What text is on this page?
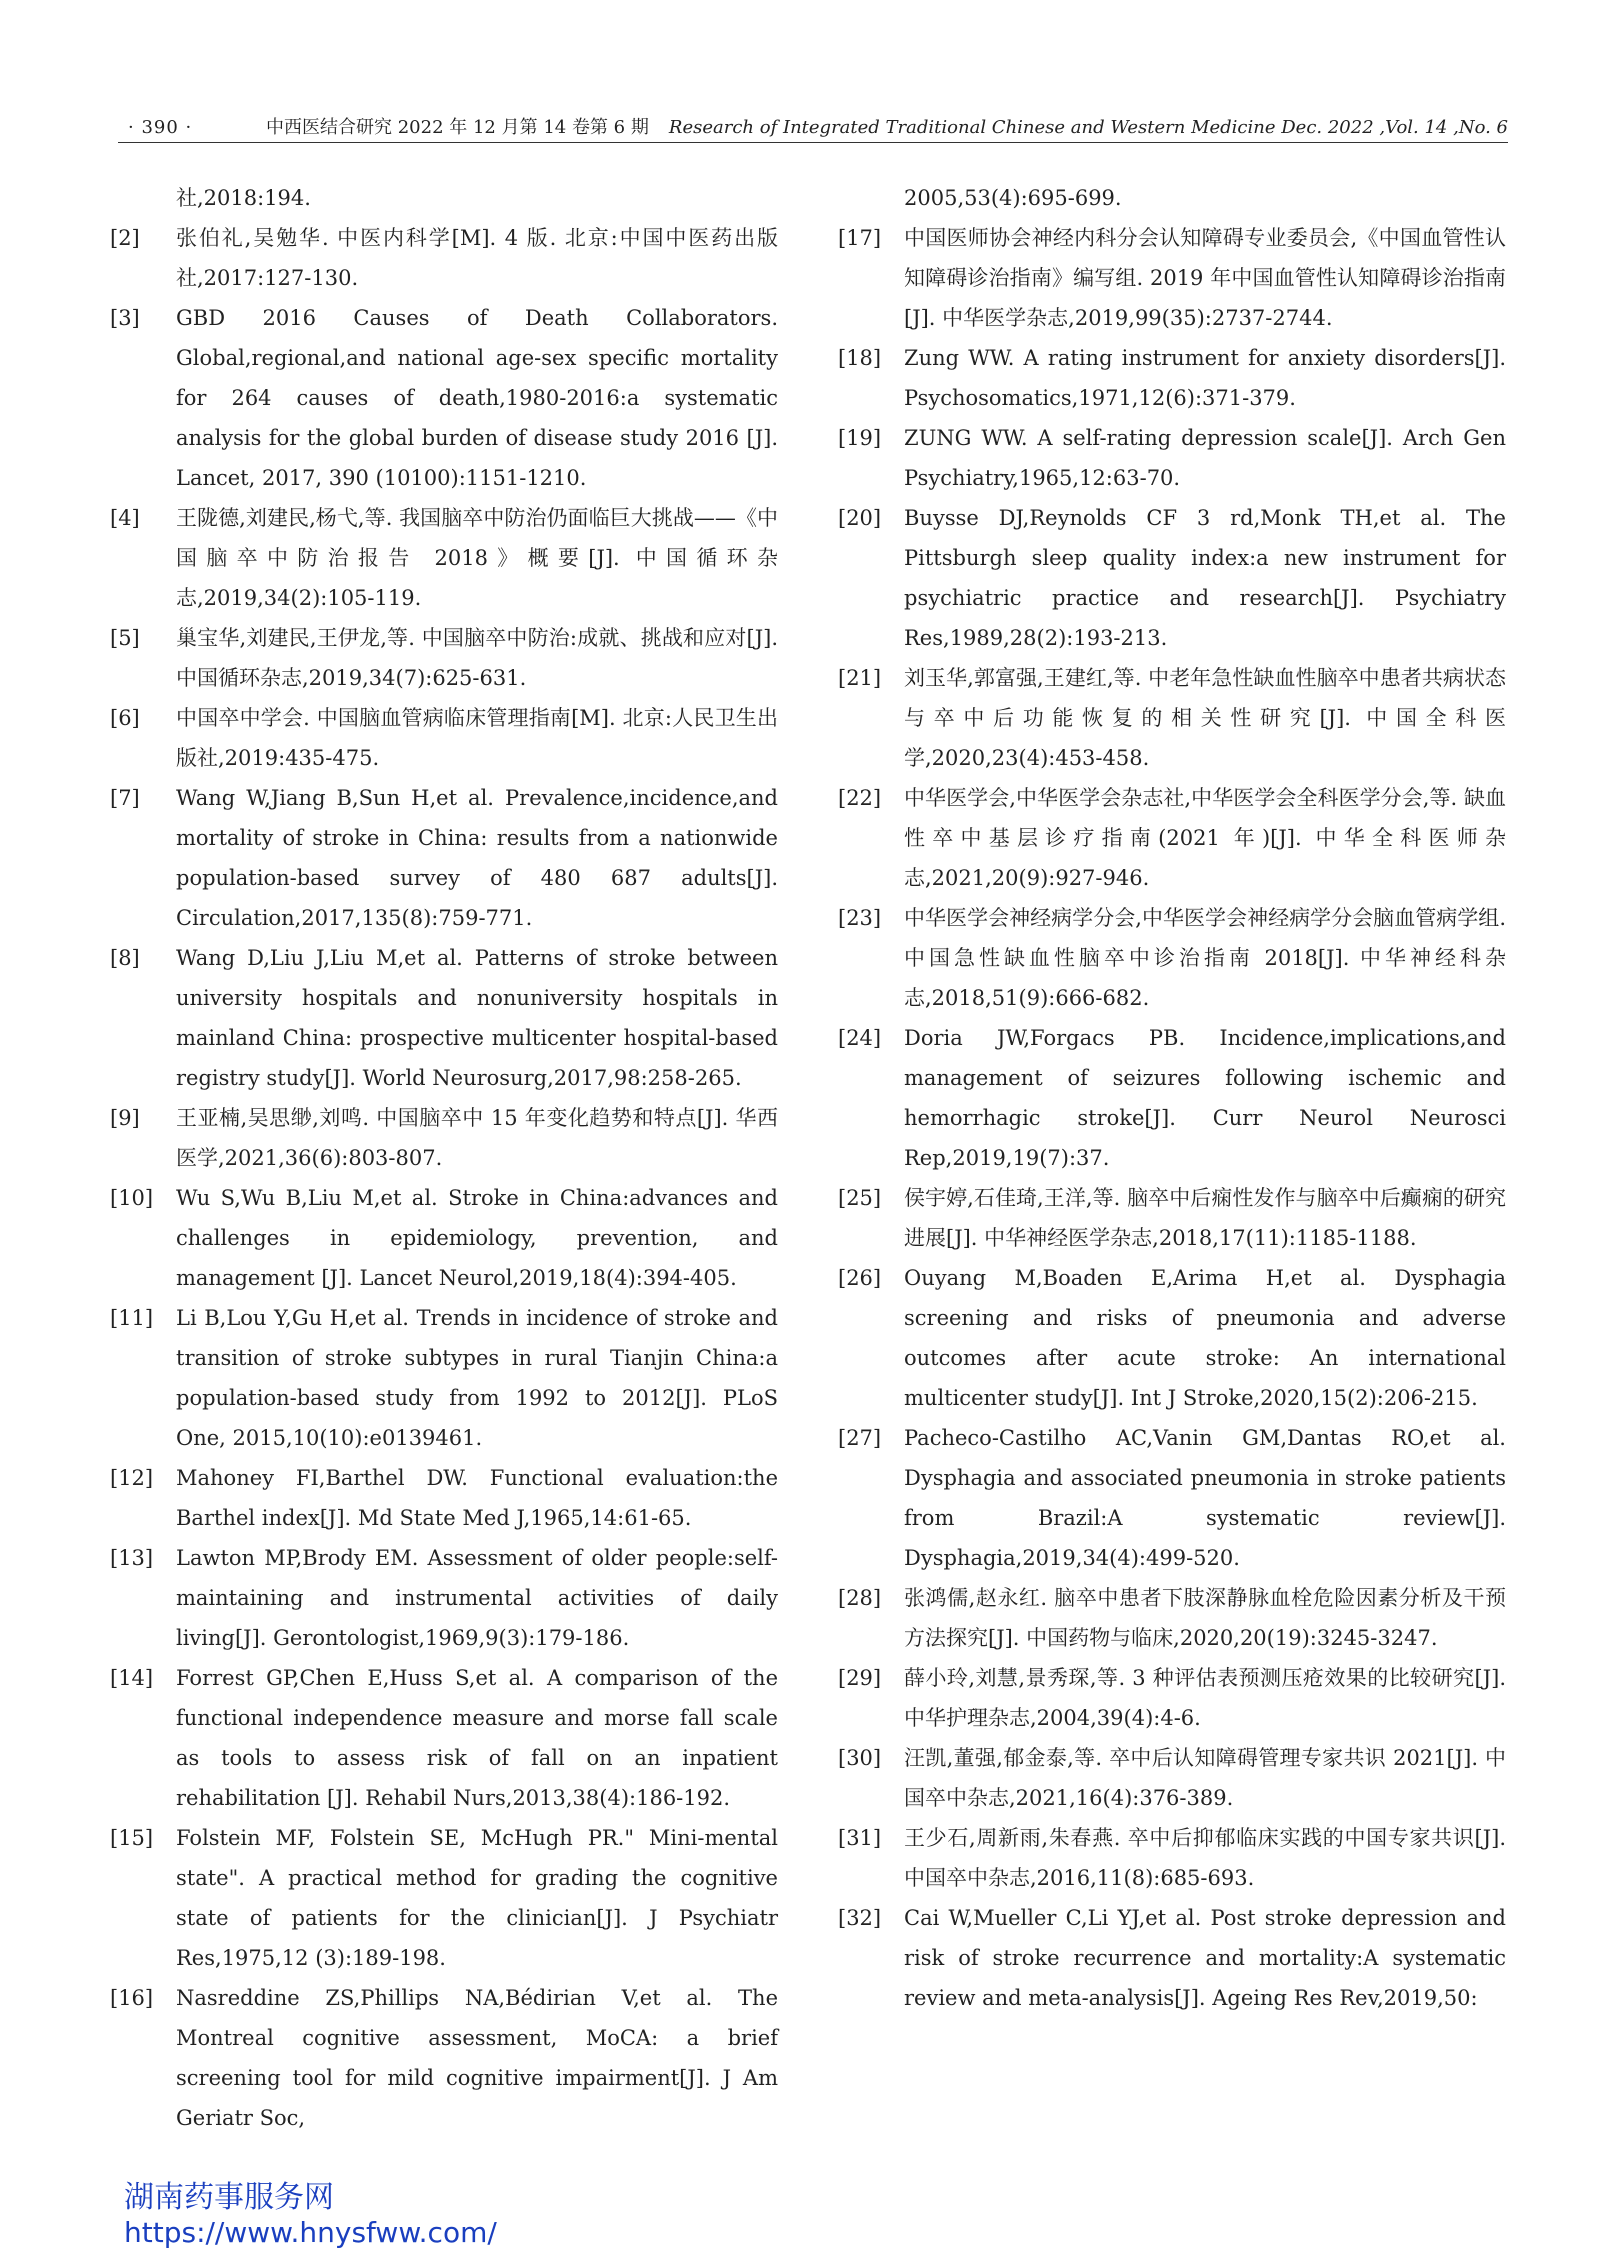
· 390 ·	中西医结合研究 2022 年 12 月第 14 卷第 6 期 Research of Integrated Traditional Chinese and Western Medicine Dec. 2022 ,Vol. 14 ,No. 6
社,2018:194.
[2]	张伯礼,吴勉华. 中医内科学[M]. 4 版. 北京:中国中医药出版社,2017:127-130.
[3]	GBD 2016 Causes of Death Collaborators. Global,regional,and national age-sex specific mortality for 264 causes of death,1980-2016:a systematic analysis for the global burden of disease study 2016 [J]. Lancet, 2017, 390 (10100):1151-1210.
[4]	王陇德,刘建民,杨弋,等. 我国脑卒中防治仍面临巨大挑战——《中国脑卒中防治报告 2018》概要[J]. 中国循环杂志,2019,34(2):105-119.
[5]	巢宝华,刘建民,王伊龙,等. 中国脑卒中防治:成就、挑战和应对[J]. 中国循环杂志,2019,34(7):625-631.
[6]	中国卒中学会. 中国脑血管病临床管理指南[M]. 北京:人民卫生出版社,2019:435-475.
[7]	Wang W,Jiang B,Sun H,et al. Prevalence,incidence,and mortality of stroke in China: results from a nationwide population-based survey of 480 687 adults[J]. Circulation,2017,135(8):759-771.
[8]	Wang D,Liu J,Liu M,et al. Patterns of stroke between university hospitals and nonuniversity hospitals in mainland China: prospective multicenter hospital-based registry study[J]. World Neurosurg,2017,98:258-265.
[9]	王亚楠,吴思缈,刘鸣. 中国脑卒中 15 年变化趋势和特点[J]. 华西医学,2021,36(6):803-807.
[10]	Wu S,Wu B,Liu M,et al. Stroke in China:advances and challenges in epidemiology, prevention, and management [J]. Lancet Neurol,2019,18(4):394-405.
[11]	Li B,Lou Y,Gu H,et al. Trends in incidence of stroke and transition of stroke subtypes in rural Tianjin China:a population-based study from 1992 to 2012[J]. PLoS One, 2015,10(10):e0139461.
[12]	Mahoney FI,Barthel DW. Functional evaluation:the Barthel index[J]. Md State Med J,1965,14:61-65.
[13]	Lawton MP,Brody EM. Assessment of older people:self-maintaining and instrumental activities of daily living[J]. Gerontologist,1969,9(3):179-186.
[14]	Forrest GP,Chen E,Huss S,et al. A comparison of the functional independence measure and morse fall scale as tools to assess risk of fall on an inpatient rehabilitation [J]. Rehabil Nurs,2013,38(4):186-192.
[15]	Folstein MF, Folstein SE, McHugh PR." Mini-mental state". A practical method for grading the cognitive state of patients for the clinician[J]. J Psychiatr Res,1975,12 (3):189-198.
[16]	Nasreddine ZS,Phillips NA,Bédirian V,et al. The Montreal cognitive assessment, MoCA: a brief screening tool for mild cognitive impairment[J]. J Am Geriatr Soc,
2005,53(4):695-699.
[17]	中国医师协会神经内科分会认知障碍专业委员会,《中国血管性认知障碍诊治指南》编写组. 2019 年中国血管性认知障碍诊治指南[J]. 中华医学杂志,2019,99(35):2737-2744.
[18]	Zung WW. A rating instrument for anxiety disorders[J]. Psychosomatics,1971,12(6):371-379.
[19]	ZUNG WW. A self-rating depression scale[J]. Arch Gen Psychiatry,1965,12:63-70.
[20]	Buysse DJ,Reynolds CF 3 rd,Monk TH,et al. The Pittsburgh sleep quality index:a new instrument for psychiatric practice and research[J]. Psychiatry Res,1989,28(2):193-213.
[21]	刘玉华,郭富强,王建红,等. 中老年急性缺血性脑卒中患者共病状态与卒中后功能恢复的相关性研究[J]. 中国全科医学,2020,23(4):453-458.
[22]	中华医学会,中华医学会杂志社,中华医学会全科医学分会,等. 缺血性卒中基层诊疗指南(2021 年)[J]. 中华全科医师杂志,2021,20(9):927-946.
[23]	中华医学会神经病学分会,中华医学会神经病学分会脑血管病学组. 中国急性缺血性脑卒中诊治指南 2018[J]. 中华神经科杂志,2018,51(9):666-682.
[24]	Doria JW,Forgacs PB. Incidence,implications,and management of seizures following ischemic and hemorrhagic stroke[J]. Curr Neurol Neurosci Rep,2019,19(7):37.
[25]	侯宇婷,石佳琦,王洋,等. 脑卒中后痫性发作与脑卒中后癫痫的研究进展[J]. 中华神经医学杂志,2018,17(11):1185-1188.
[26]	Ouyang M,Boaden E,Arima H,et al. Dysphagia screening and risks of pneumonia and adverse outcomes after acute stroke: An international multicenter study[J]. Int J Stroke,2020,15(2):206-215.
[27]	Pacheco-Castilho AC,Vanin GM,Dantas RO,et al. Dysphagia and associated pneumonia in stroke patients from Brazil:A systematic review[J]. Dysphagia,2019,34(4):499-520.
[28]	张鸿儒,赵永红. 脑卒中患者下肢深静脉血栓危险因素分析及干预方法探究[J]. 中国药物与临床,2020,20(19):3245-3247.
[29]	薛小玲,刘慧,景秀琛,等. 3 种评估表预测压疮效果的比较研究[J]. 中华护理杂志,2004,39(4):4-6.
[30]	汪凯,董强,郁金泰,等. 卒中后认知障碍管理专家共识 2021[J]. 中国卒中杂志,2021,16(4):376-389.
[31]	王少石,周新雨,朱春燕. 卒中后抑郁临床实践的中国专家共识[J]. 中国卒中杂志,2016,11(8):685-693.
[32]	Cai W,Mueller C,Li YJ,et al. Post stroke depression and risk of stroke recurrence and mortality:A systematic review and meta-analysis[J]. Ageing Res Rev,2019,50:
湖南药事服务网
https://www.hnysfww.com/
